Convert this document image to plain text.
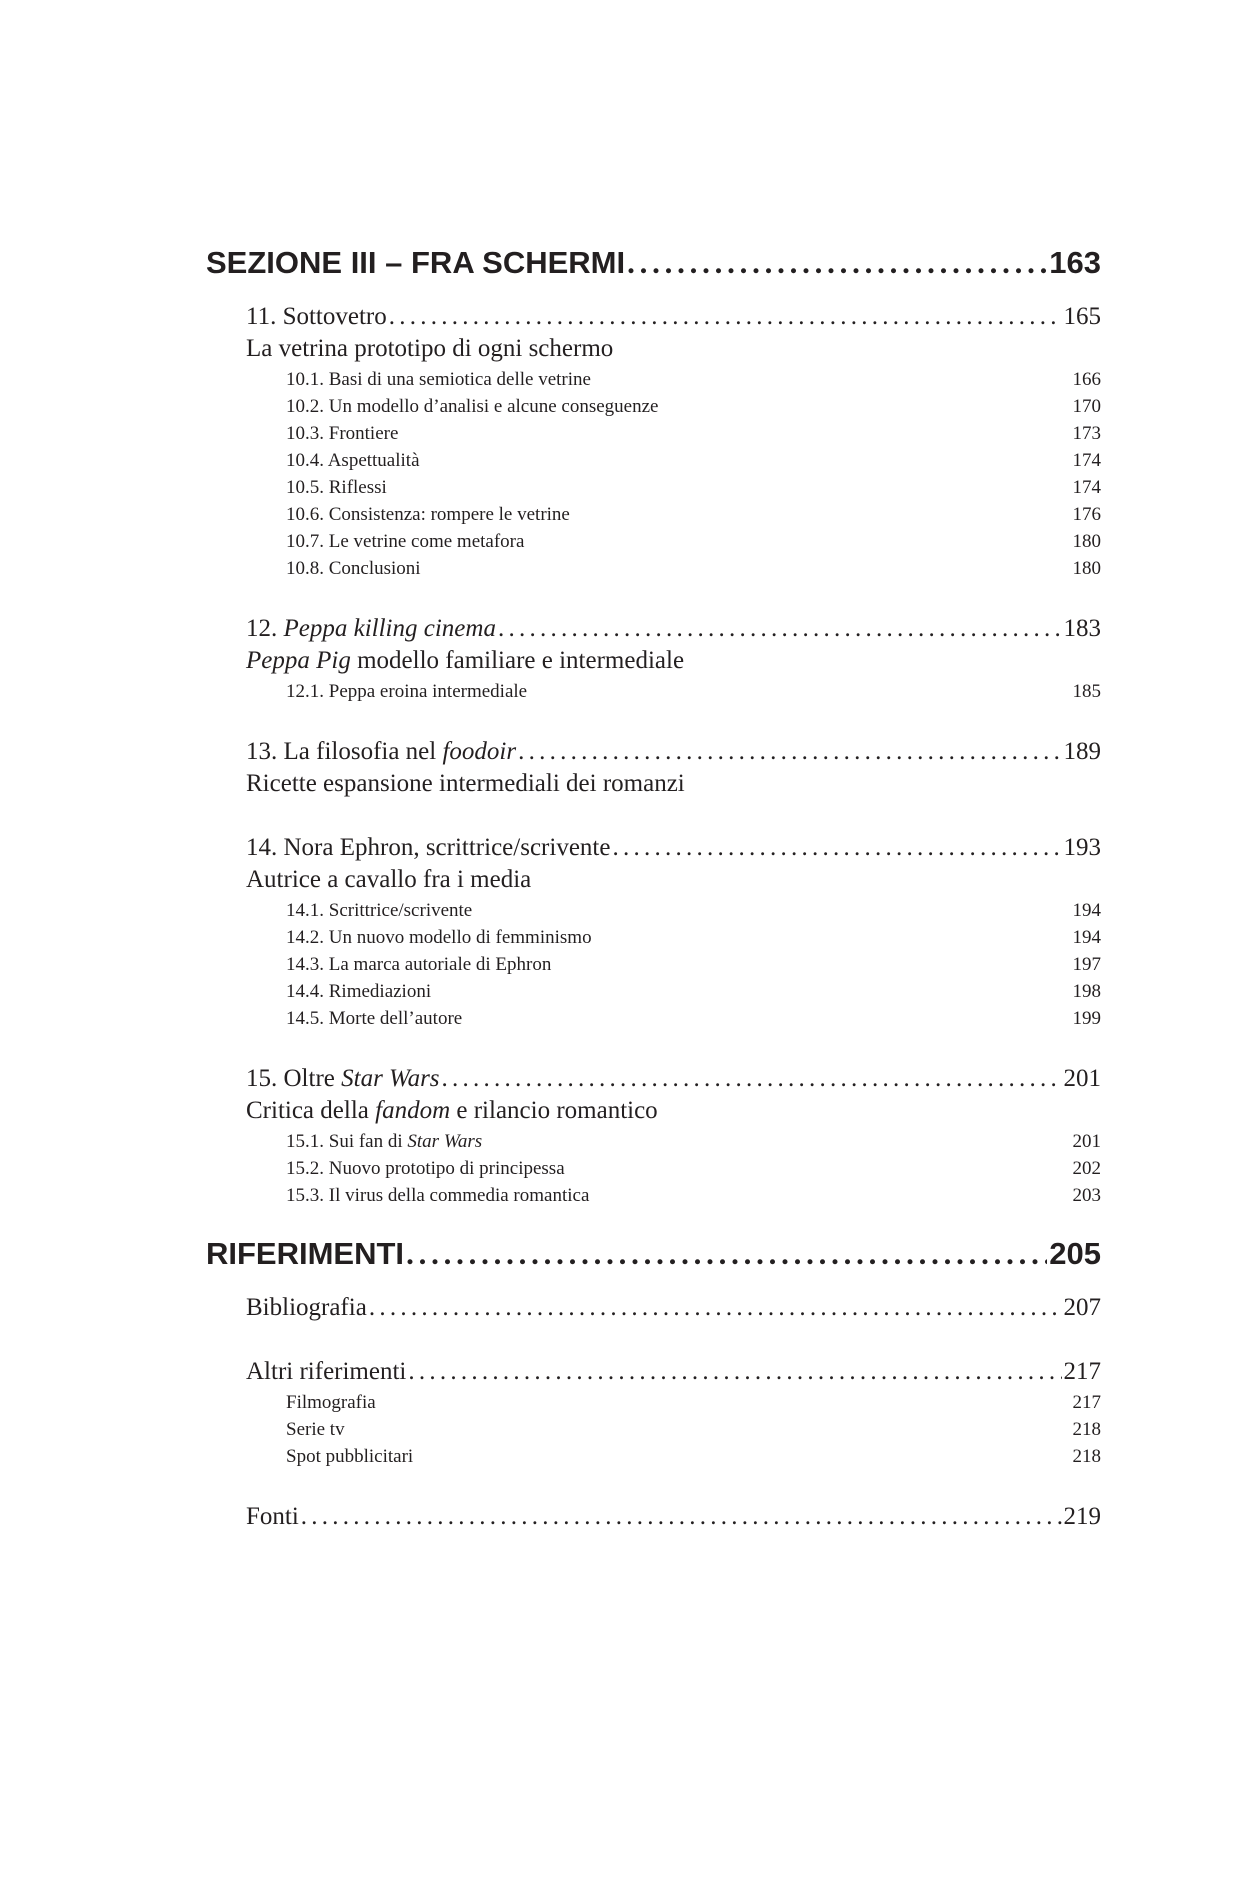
SEZIONE III – FRA SCHERMI . . .	163
11. Sottovetro . . .	165
La vetrina prototipo di ogni schermo
10.1. Basi di una semiotica delle vetrine	166
10.2. Un modello d’analisi e alcune conseguenze	170
10.3. Frontiere	173
10.4. Aspettualità	174
10.5. Riflessi	174
10.6. Consistenza: rompere le vetrine	176
10.7. Le vetrine come metafora	180
10.8. Conclusioni	180
12. Peppa killing cinema . . .	183
Peppa Pig modello familiare e intermediale
12.1. Peppa eroina intermediale	185
13. La filosofia nel foodoir . . .	189
Ricette espansione intermediali dei romanzi
14. Nora Ephron, scrittrice/scrivente . . .	193
Autrice a cavallo fra i media
14.1. Scrittrice/scrivente	194
14.2. Un nuovo modello di femminismo	194
14.3. La marca autoriale di Ephron	197
14.4. Rimediazioni	198
14.5. Morte dell’autore	199
15. Oltre Star Wars . . .	201
Critica della fandom e rilancio romantico
15.1. Sui fan di Star Wars	201
15.2. Nuovo prototipo di principessa	202
15.3. Il virus della commedia romantica	203
RIFERIMENTI . . .	205
Bibliografia . . .	207
Altri riferimenti . . .	217
Filmografia	217
Serie tv	218
Spot pubblicitari	218
Fonti . . .	219
